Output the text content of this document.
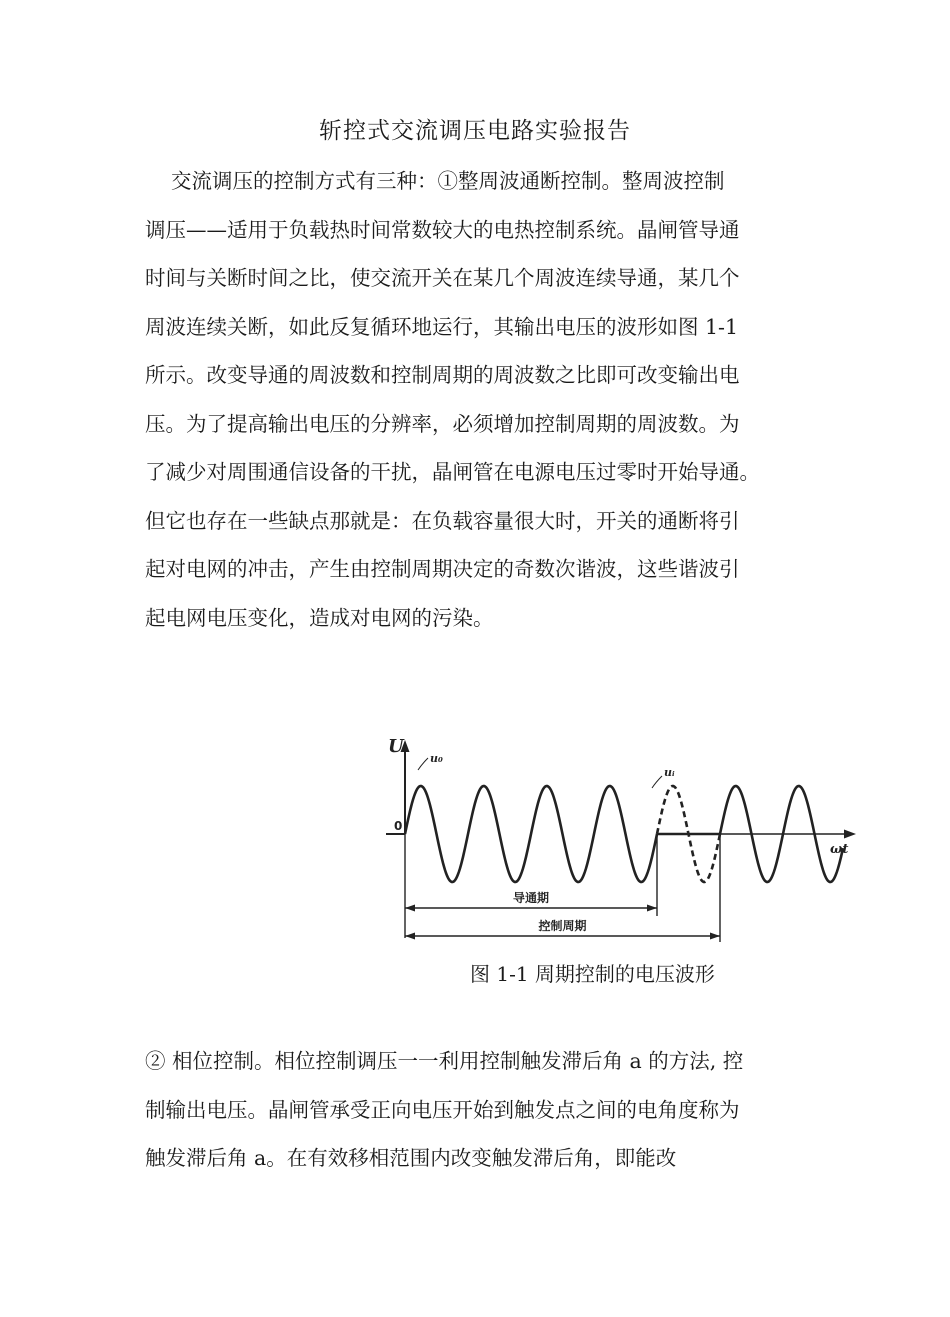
斩控式交流调压电路实验报告
交流调压的控制方式有三种：①整周波通断控制。整周波控制
调压——适用于负载热时间常数较大的电热控制系统。晶闸管导通
时间与关断时间之比，使交流开关在某几个周波连续导通，某几个
周波连续关断，如此反复循环地运行，其输出电压的波形如图 1-1
所示。改变导通的周波数和控制周期的周波数之比即可改变输出电
压。为了提高输出电压的分辨率，必须增加控制周期的周波数。为
了减少对周围通信设备的干扰，晶闸管在电源电压过零时开始导通。
但它也存在一些缺点那就是：在负载容量很大时，开关的通断将引
起对电网的冲击，产生由控制周期决定的奇数次谐波，这些谐波引
起电网电压变化，造成对电网的污染。
U
0
ωt
u₀
uᵢ
导通期
控制周期
图 1-1 周期控制的电压波形
② 相位控制。相位控制调压一一利用控制触发滞后角 a 的方法, 控
制输出电压。晶闸管承受正向电压开始到触发点之间的电角度称为
触发滞后角 a。在有效移相范围内改变触发滞后角，即能改
